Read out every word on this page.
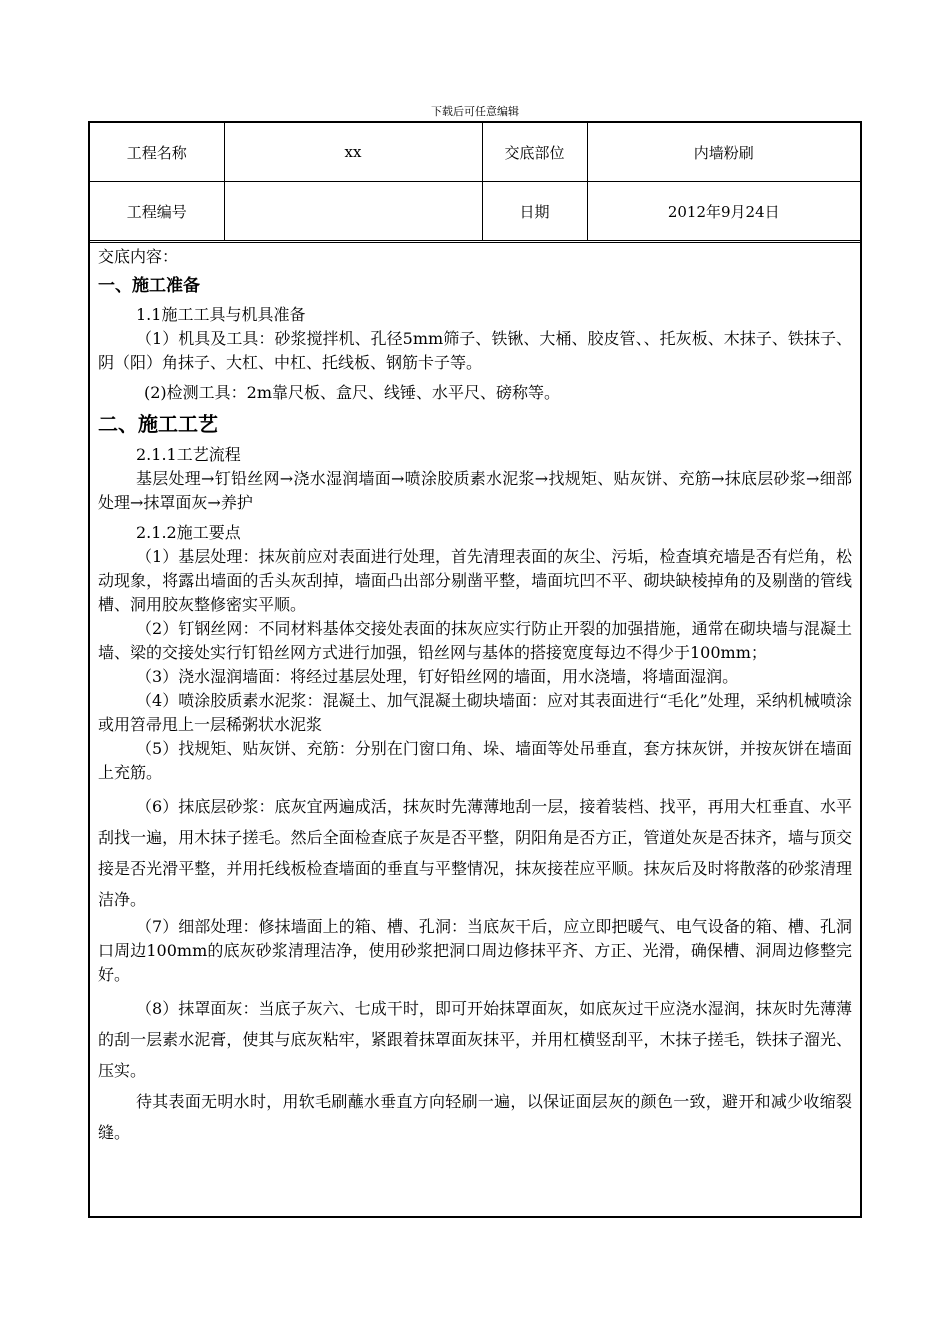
下载后可任意编辑
工程名称	xx	交底部位	内墙粉刷
工程编号		日期	2012年9月24日

交底内容：

一、施工准备

1.1施工工具与机具准备

（1）机具及工具：砂浆搅拌机、孔径5mm筛子、铁锹、大桶、胶皮管、、托灰板、木抹子、铁抹子、阴（阳）角抹子、大杠、中杠、托线板、钢筋卡子等。

(2)检测工具：2m靠尺板、盒尺、线锤、水平尺、磅称等。

二、施工工艺

2.1.1工艺流程

基层处理→钉铅丝网→浇水湿润墙面→喷涂胶质素水泥浆→找规矩、贴灰饼、充筋→抹底层砂浆→细部处理→抹罩面灰→养护

2.1.2施工要点

（1）基层处理：抹灰前应对表面进行处理，首先清理表面的灰尘、污垢，检查填充墙是否有烂角，松动现象，将露出墙面的舌头灰刮掉，墙面凸出部分剔凿平整，墙面坑凹不平、砌块缺棱掉角的及剔凿的管线槽、洞用胶灰整修密实平顺。

（2）钉钢丝网：不同材料基体交接处表面的抹灰应实行防止开裂的加强措施，通常在砌块墙与混凝土墙、梁的交接处实行钉铅丝网方式进行加强，铅丝网与基体的搭接宽度每边不得少于100mm；

（3）浇水湿润墙面：将经过基层处理，钉好铅丝网的墙面，用水浇墙，将墙面湿润。

（4）喷涂胶质素水泥浆：混凝土、加气混凝土砌块墙面：应对其表面进行“毛化”处理，采纳机械喷涂或用笤帚甩上一层稀粥状水泥浆

（5）找规矩、贴灰饼、充筋：分别在门窗口角、垛、墙面等处吊垂直，套方抹灰饼，并按灰饼在墙面上充筋。

（6）抹底层砂浆：底灰宜两遍成活，抹灰时先薄薄地刮一层，接着装档、找平，再用大杠垂直、水平刮找一遍，用木抹子搓毛。然后全面检查底子灰是否平整，阴阳角是否方正，管道处灰是否抹齐，墙与顶交接是否光滑平整，并用托线板检查墙面的垂直与平整情况，抹灰接茬应平顺。抹灰后及时将散落的砂浆清理洁净。

（7）细部处理：修抹墙面上的箱、槽、孔洞：当底灰干后，应立即把暖气、电气设备的箱、槽、孔洞口周边100mm的底灰砂浆清理洁净，使用砂浆把洞口周边修抹平齐、方正、光滑，确保槽、洞周边修整完好。

（8）抹罩面灰：当底子灰六、七成干时，即可开始抹罩面灰，如底灰过干应浇水湿润，抹灰时先薄薄的刮一层素水泥膏，使其与底灰粘牢，紧跟着抹罩面灰抹平，并用杠横竖刮平，木抹子搓毛，铁抹子溜光、压实。

待其表面无明水时，用软毛刷蘸水垂直方向轻刷一遍，以保证面层灰的颜色一致，避开和减少收缩裂缝。
